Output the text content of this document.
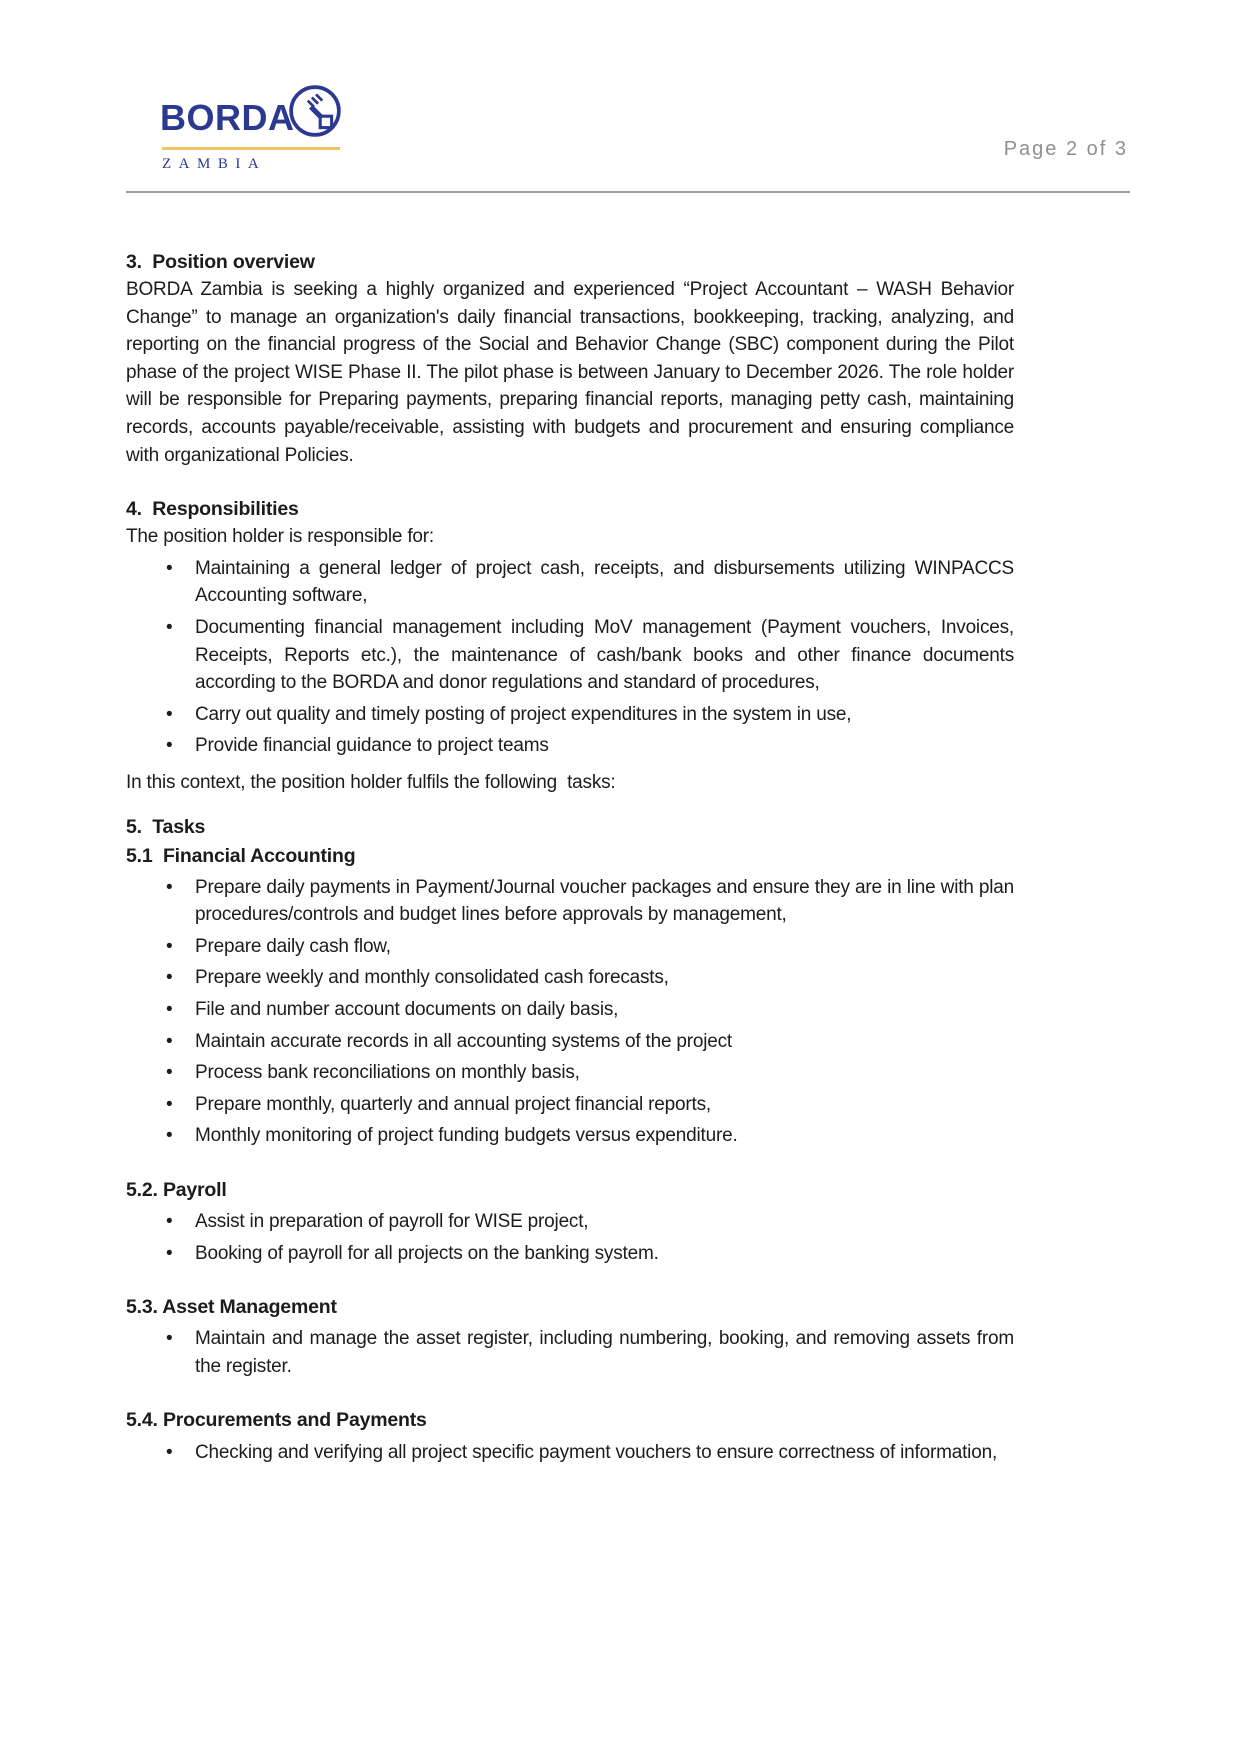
BORDA
ZAMBIA
Page 2 of 3

3.  Position overview

BORDA Zambia is seeking a highly organized and experienced “Project Accountant – WASH Behavior Change” to manage an organization's daily financial transactions, bookkeeping, tracking, analyzing, and reporting on the financial progress of the Social and Behavior Change (SBC) component during the Pilot phase of the project WISE Phase II. The pilot phase is between January to December 2026. The role holder will be responsible for Preparing payments, preparing financial reports, managing petty cash, maintaining records, accounts payable/receivable, assisting with budgets and procurement and ensuring compliance with organizational Policies.

4.  Responsibilities

The position holder is responsible for:

• Maintaining a general ledger of project cash, receipts, and disbursements utilizing WINPACCS Accounting software,
• Documenting financial management including MoV management (Payment vouchers, Invoices, Receipts, Reports etc.), the maintenance of cash/bank books and other finance documents according to the BORDA and donor regulations and standard of procedures,
• Carry out quality and timely posting of project expenditures in the system in use,
• Provide financial guidance to project teams

In this context, the position holder fulfils the following  tasks:

5.  Tasks

5.1  Financial Accounting

• Prepare daily payments in Payment/Journal voucher packages and ensure they are in line with plan procedures/controls and budget lines before approvals by management,
• Prepare daily cash flow,
• Prepare weekly and monthly consolidated cash forecasts,
• File and number account documents on daily basis,
• Maintain accurate records in all accounting systems of the project
• Process bank reconciliations on monthly basis,
• Prepare monthly, quarterly and annual project financial reports,
• Monthly monitoring of project funding budgets versus expenditure.

5.2. Payroll

• Assist in preparation of payroll for WISE project,
• Booking of payroll for all projects on the banking system.

5.3. Asset Management

• Maintain and manage the asset register, including numbering, booking, and removing assets from the register.

5.4. Procurements and Payments

• Checking and verifying all project specific payment vouchers to ensure correctness of information,
